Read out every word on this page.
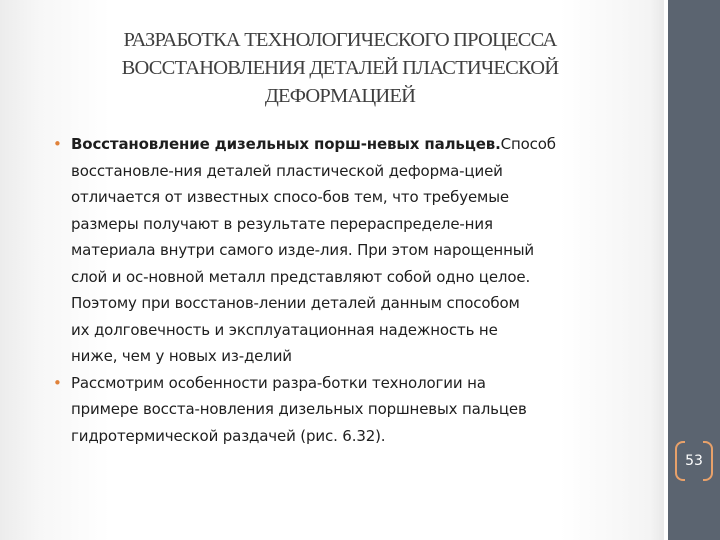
РАЗРАБОТКА ТЕХНОЛОГИЧЕСКОГО ПРОЦЕССА
ВОССТАНОВЛЕНИЯ ДЕТАЛЕЙ ПЛАСТИЧЕСКОЙ
ДЕФОРМАЦИЕЙ
• Восстановление дизельных порш-невых пальцев.Способ
восстановле-ния деталей пластической деформа-цией
отличается от известных спосо-бов тем, что требуемые
размеры получают в результате перераспределе-ния
материала внутри самого изде-лия. При этом нарощенный
слой и ос-новной металл представляют собой одно целое.
Поэтому при восстанов-лении деталей данным способом
их долговечность и эксплуатационная надежность не
ниже, чем у новых из-делий
• Рассмотрим особенности разра-ботки технологии на
примере восста-новления дизельных поршневых пальцев
гидротермической раздачей (рис. 6.32).
53
